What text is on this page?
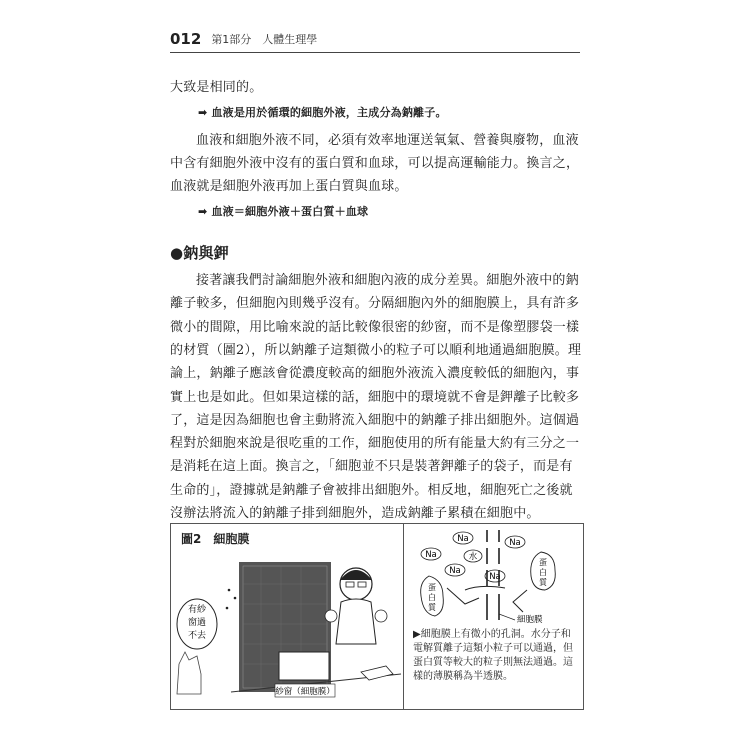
012 第1部分　人體生理學

大致是相同的。

➡ 血液是用於循環的細胞外液，主成分為鈉離子。

血液和細胞外液不同，必須有效率地運送氧氣、營養與廢物，血液中含有細胞外液中沒有的蛋白質和血球，可以提高運輸能力。換言之，血液就是細胞外液再加上蛋白質與血球。

➡ 血液＝細胞外液＋蛋白質＋血球

●鈉與鉀

接著讓我們討論細胞外液和細胞內液的成分差異。細胞外液中的鈉離子較多，但細胞內則幾乎沒有。分隔細胞內外的細胞膜上，具有許多微小的間隙，用比喻來說的話比較像很密的紗窗，而不是像塑膠袋一樣的材質（圖2），所以鈉離子這類微小的粒子可以順利地通過細胞膜。理論上，鈉離子應該會從濃度較高的細胞外液流入濃度較低的細胞內，事實上也是如此。但如果這樣的話，細胞中的環境就不會是鉀離子比較多了，這是因為細胞也會主動將流入細胞中的鈉離子排出細胞外。這個過程對於細胞來說是很吃重的工作，細胞使用的所有能量大約有三分之一是消耗在這上面。換言之，「細胞並不只是裝著鉀離子的袋子，而是有生命的」，證據就是鈉離子會被排出細胞外。相反地，細胞死亡之後就沒辦法將流入的鈉離子排到細胞外，造成鈉離子累積在細胞中。

圖2　細胞膜
有紗
窗過
不去
紗窗（細胞膜）
Na	Na
Na	水
Na
Na
蛋
白
質
蛋
白
質
細胞膜
▶細胞膜上有微小的孔洞。水分子和電解質離子這類小粒子可以通過，但蛋白質等較大的粒子則無法通過。這樣的薄膜稱為半透膜。
